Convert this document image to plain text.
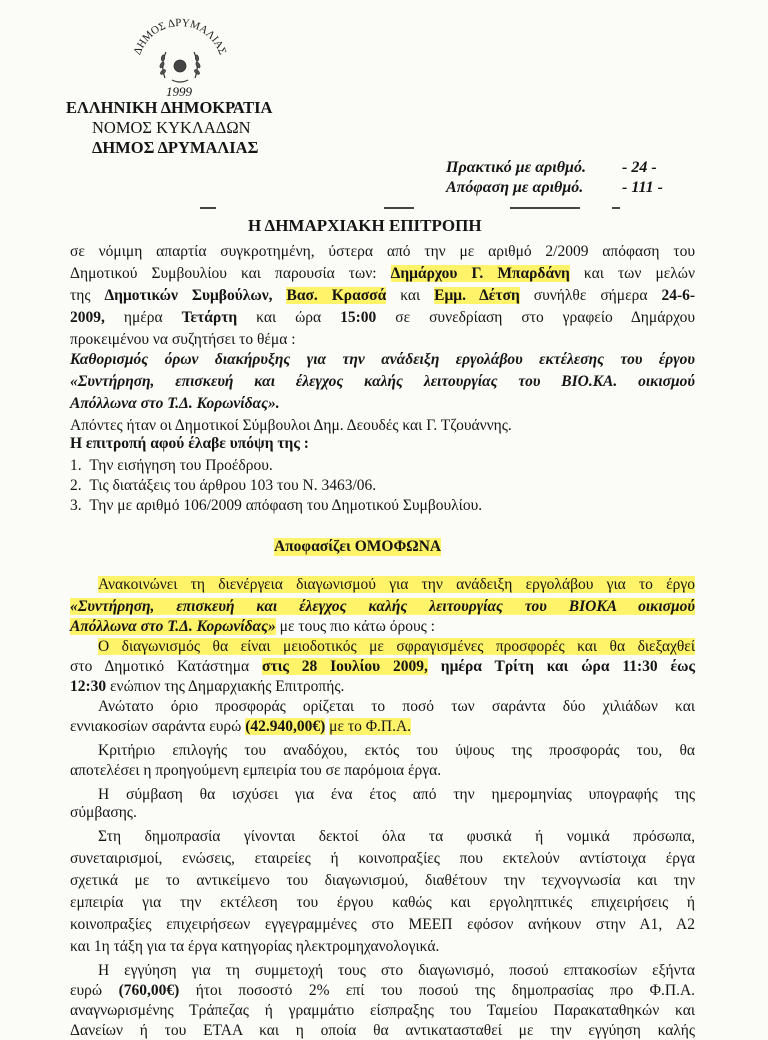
ΔΗΜΟΣ ΔΡΥΜΑΛΙΑΣ
1999
ΕΛΛΗΝΙΚΗ ΔΗΜΟΚΡΑΤΙΑ
ΝΟΜΟΣ ΚΥΚΛΑΔΩΝ
ΔΗΜΟΣ ΔΡΥΜΑΛΙΑΣ
Πρακτικό με αριθμό. - 24 -
Απόφαση με αριθμό. - 111 -
Η ΔΗΜΑΡΧΙΑΚΗ ΕΠΙΤΡΟΠΗ
σε νόμιμη απαρτία συγκροτημένη, ύστερα από την με αριθμό 2/2009 απόφαση του
Δημοτικού Συμβουλίου και παρουσία των: Δημάρχου Γ. Μπαρδάνη και των μελών
της Δημοτικών Συμβούλων, Βασ. Κρασσά και Εμμ. Δέτση συνήλθε σήμερα 24-6-
2009, ημέρα Τετάρτη και ώρα 15:00 σε συνεδρίαση στο γραφείο Δημάρχου
προκειμένου να συζητήσει το θέμα :
Καθορισμός όρων διακήρυξης για την ανάδειξη εργολάβου εκτέλεσης του έργου
«Συντήρηση, επισκευή και έλεγχος καλής λειτουργίας του ΒΙΟ.ΚΑ. οικισμού
Απόλλωνα στο Τ.Δ. Κορωνίδας».
Απόντες ήταν οι Δημοτικοί Σύμβουλοι Δημ. Δεουδές και Γ. Τζουάννης.
Η επιτροπή αφού έλαβε υπόψη της :
1. Την εισήγηση του Προέδρου.
2. Τις διατάξεις του άρθρου 103 του Ν. 3463/06.
3. Την με αριθμό 106/2009 απόφαση του Δημοτικού Συμβουλίου.
Αποφασίζει ΟΜΟΦΩΝΑ
Ανακοινώνει τη διενέργεια διαγωνισμού για την ανάδειξη εργολάβου για το έργο
«Συντήρηση, επισκευή και έλεγχος καλής λειτουργίας του ΒΙΟΚΑ οικισμού
Απόλλωνα στο Τ.Δ. Κορωνίδας» με τους πιο κάτω όρους :
Ο διαγωνισμός θα είναι μειοδοτικός με σφραγισμένες προσφορές και θα διεξαχθεί
στο Δημοτικό Κατάστημα στις 28 Ιουλίου 2009, ημέρα Τρίτη και ώρα 11:30 έως
12:30 ενώπιον της Δημαρχιακής Επιτροπής.
Ανώτατο όριο προσφοράς ορίζεται το ποσό των σαράντα δύο χιλιάδων και
εννιακοσίων σαράντα ευρώ (42.940,00€) με το Φ.Π.Α.
Κριτήριο επιλογής του αναδόχου, εκτός του ύψους της προσφοράς του, θα
αποτελέσει η προηγούμενη εμπειρία του σε παρόμοια έργα.
Η σύμβαση θα ισχύσει για ένα έτος από την ημερομηνίας υπογραφής της
σύμβασης.
Στη δημοπρασία γίνονται δεκτοί όλα τα φυσικά ή νομικά πρόσωπα,
συνεταιρισμοί, ενώσεις, εταιρείες ή κοινοπραξίες που εκτελούν αντίστοιχα έργα
σχετικά με το αντικείμενο του διαγωνισμού, διαθέτουν την τεχνογνωσία και την
εμπειρία για την εκτέλεση του έργου καθώς και εργοληπτικές επιχειρήσεις ή
κοινοπραξίες επιχειρήσεων εγγεγραμμένες στο ΜΕΕΠ εφόσον ανήκουν στην Α1, Α2
και 1η τάξη για τα έργα κατηγορίας ηλεκτρομηχανολογικά.
Η εγγύηση για τη συμμετοχή τους στο διαγωνισμό, ποσού επτακοσίων εξήντα
ευρώ (760,00€) ήτοι ποσοστό 2% επί του ποσού της δημοπρασίας προ Φ.Π.Α.
αναγνωρισμένης Τράπεζας ή γραμμάτιο είσπραξης του Ταμείου Παρακαταθηκών και
Δανείων ή του ΕΤΑΑ και η οποία θα αντικατασταθεί με την εγγύηση καλής
